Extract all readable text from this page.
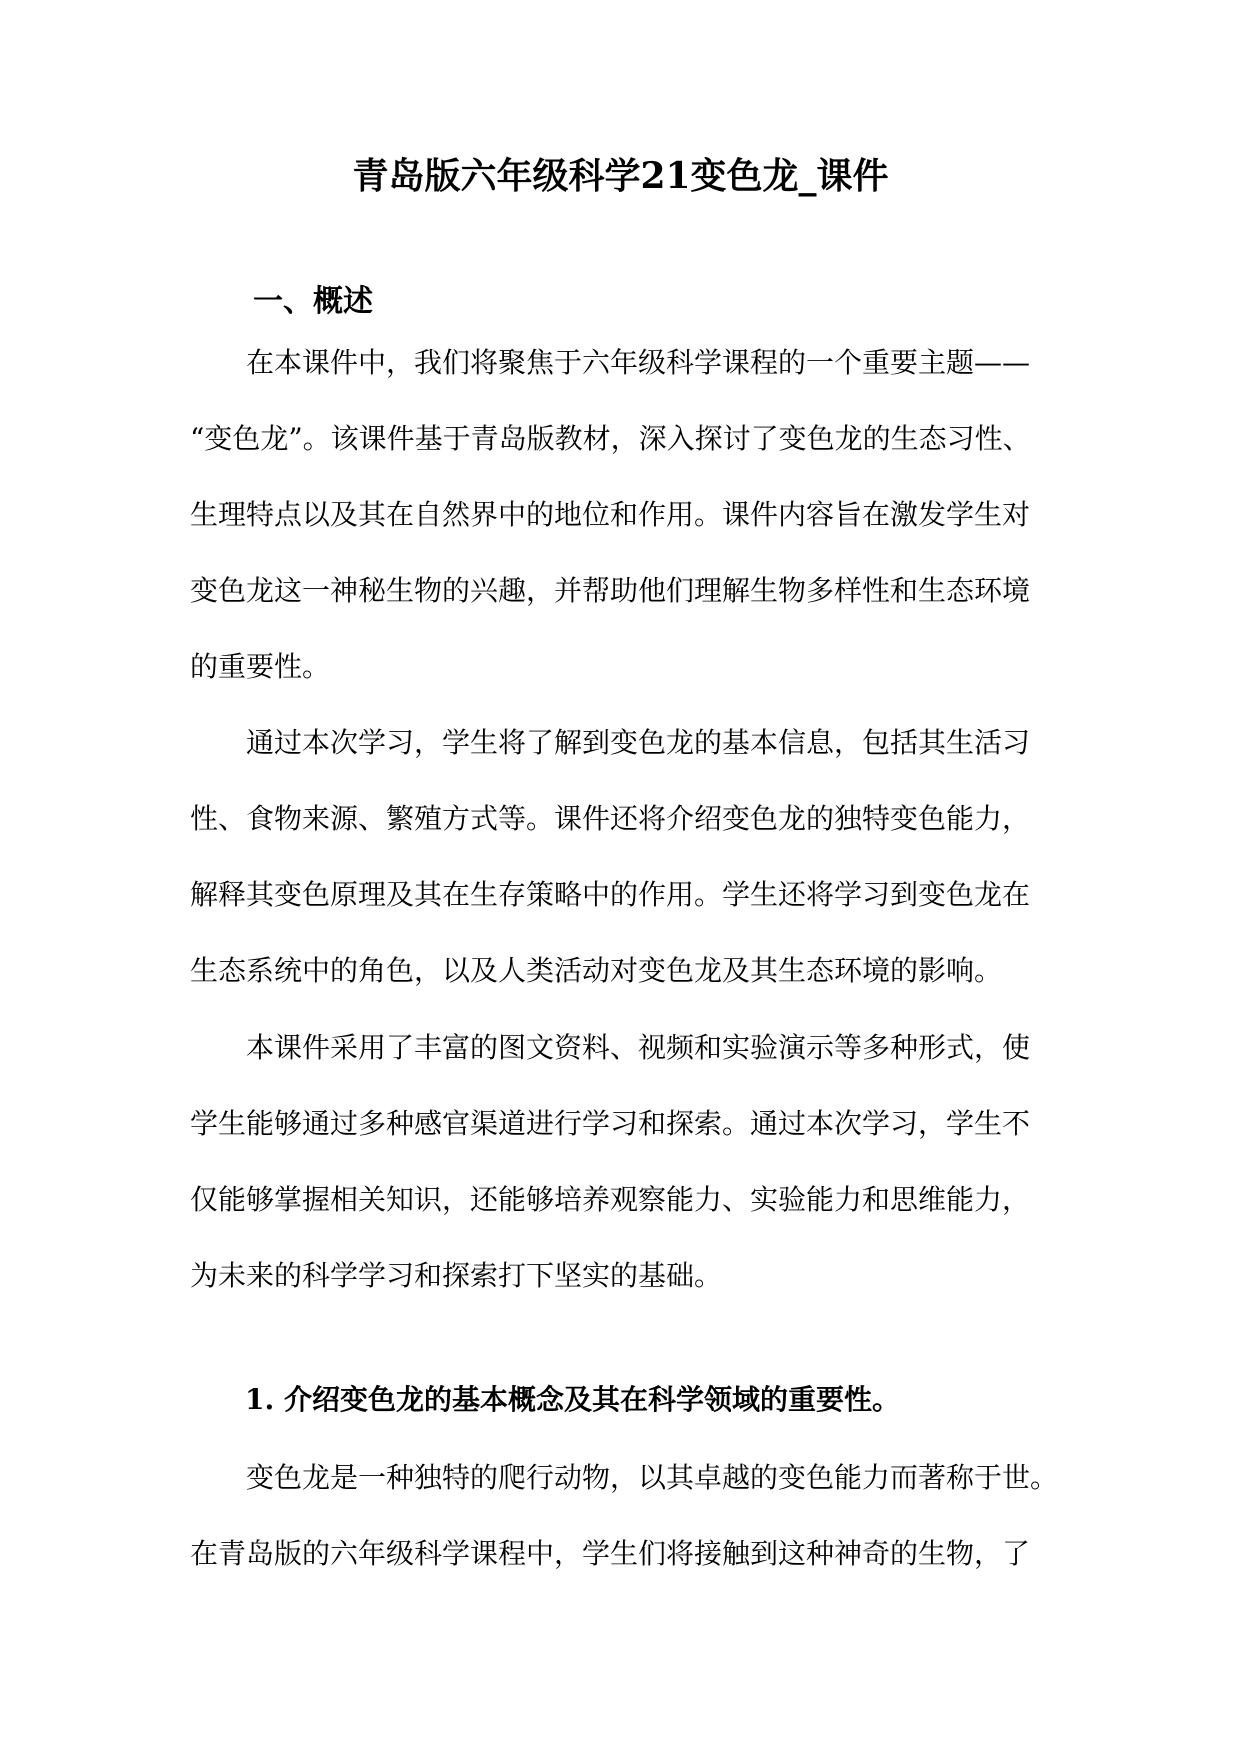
青岛版六年级科学21变色龙_课件
一、概述
在本课件中，我们将聚焦于六年级科学课程的一个重要主题——
“变色龙”。该课件基于青岛版教材，深入探讨了变色龙的生态习性、
生理特点以及其在自然界中的地位和作用。课件内容旨在激发学生对
变色龙这一神秘生物的兴趣，并帮助他们理解生物多样性和生态环境
的重要性。
通过本次学习，学生将了解到变色龙的基本信息，包括其生活习
性、食物来源、繁殖方式等。课件还将介绍变色龙的独特变色能力，
解释其变色原理及其在生存策略中的作用。学生还将学习到变色龙在
生态系统中的角色，以及人类活动对变色龙及其生态环境的影响。
本课件采用了丰富的图文资料、视频和实验演示等多种形式，使
学生能够通过多种感官渠道进行学习和探索。通过本次学习，学生不
仅能够掌握相关知识，还能够培养观察能力、实验能力和思维能力，
为未来的科学学习和探索打下坚实的基础。
1. 介绍变色龙的基本概念及其在科学领域的重要性。
变色龙是一种独特的爬行动物，以其卓越的变色能力而著称于世。
在青岛版的六年级科学课程中，学生们将接触到这种神奇的生物，了
